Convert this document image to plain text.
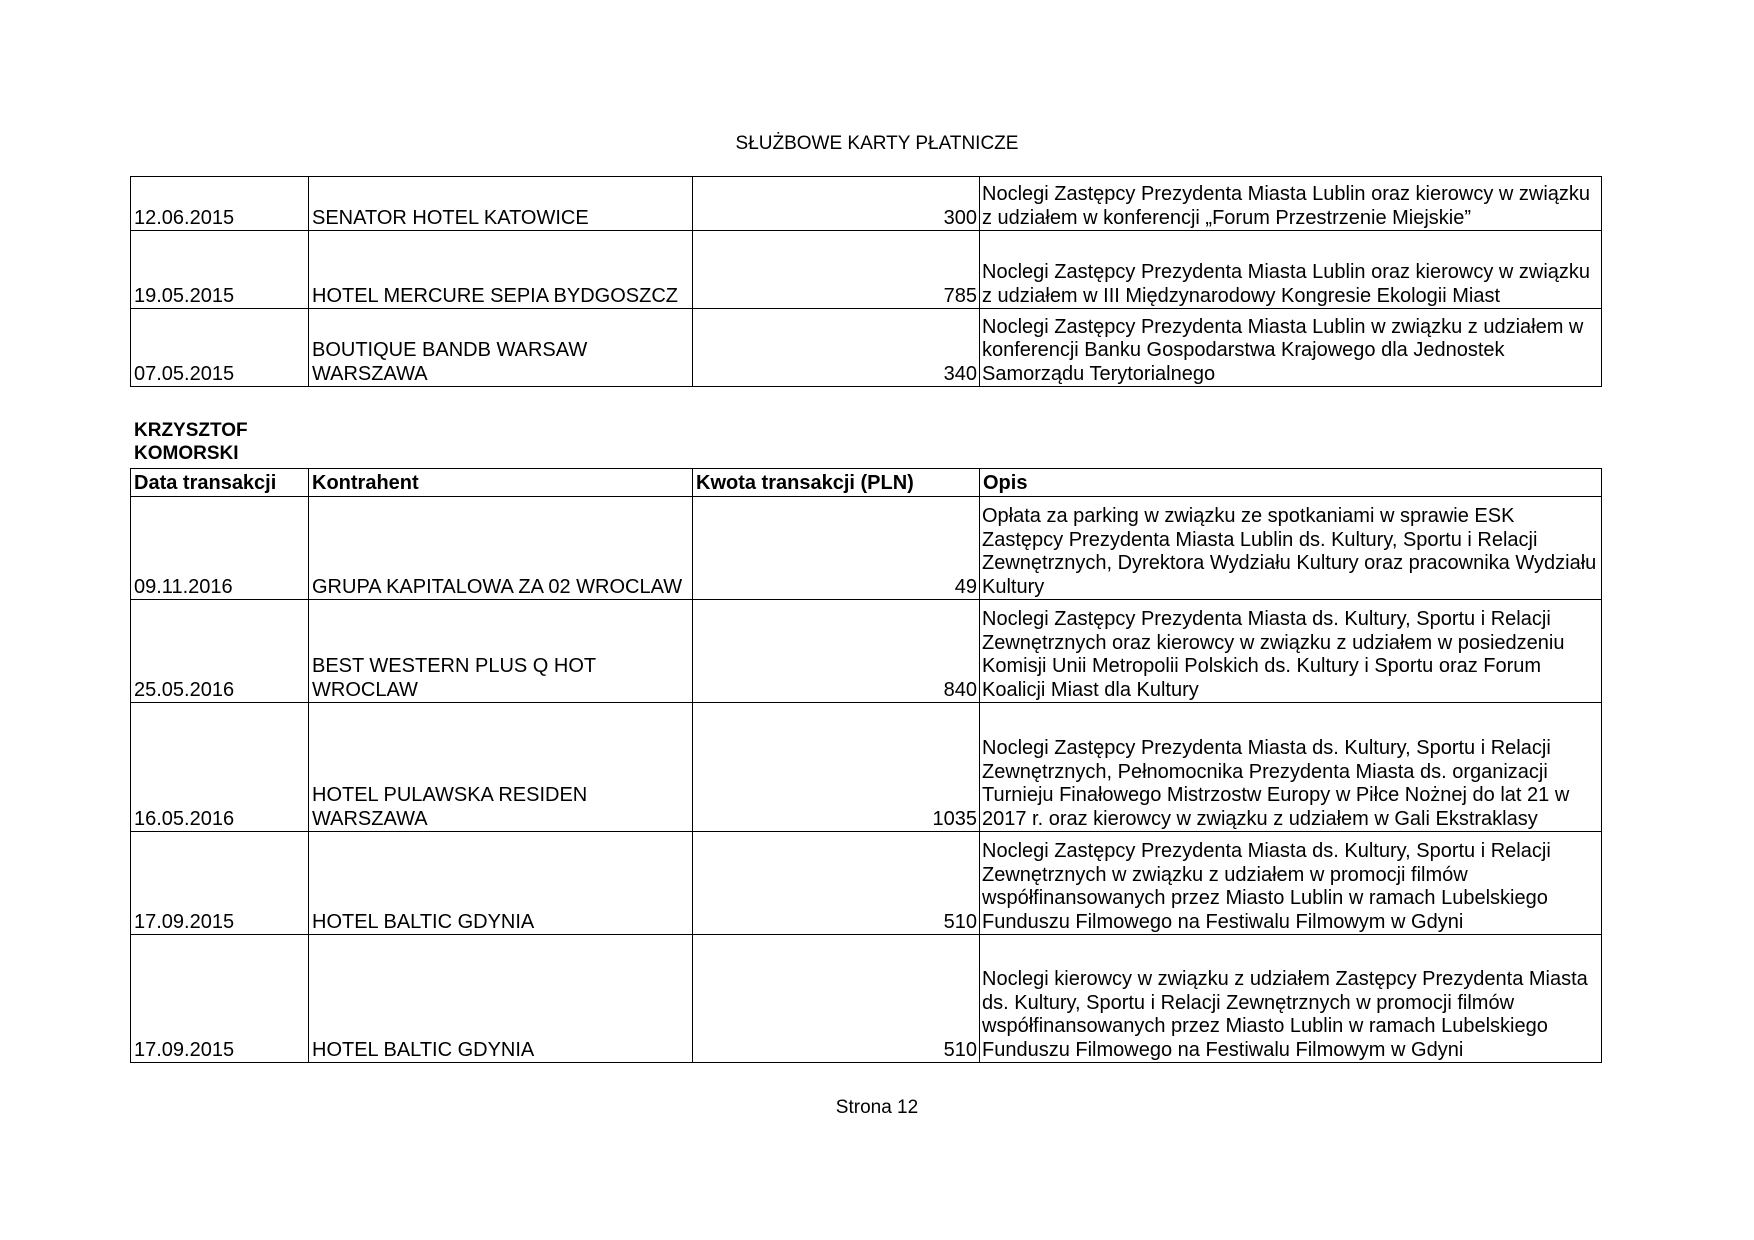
SŁUŻBOWE KARTY PŁATNICZE
12.06.2015	SENATOR HOTEL KATOWICE	300	Noclegi Zastępcy Prezydenta Miasta Lublin oraz kierowcy w związku z udziałem w konferencji „Forum Przestrzenie Miejskie”
19.05.2015	HOTEL MERCURE SEPIA BYDGOSZCZ	785	Noclegi Zastępcy Prezydenta Miasta Lublin oraz kierowcy w związku z udziałem w III Międzynarodowy Kongresie Ekologii Miast
07.05.2015	BOUTIQUE BANDB WARSAW WARSZAWA	340	Noclegi Zastępcy Prezydenta Miasta Lublin w związku z udziałem w konferencji Banku Gospodarstwa Krajowego dla Jednostek Samorządu Terytorialnego
KRZYSZTOF
KOMORSKI
Data transakcji	Kontrahent	Kwota transakcji (PLN)	Opis
09.11.2016	GRUPA KAPITALOWA ZA 02 WROCLAW	49	Opłata za parking w związku ze spotkaniami w sprawie ESK Zastępcy Prezydenta Miasta Lublin ds. Kultury, Sportu i Relacji Zewnętrznych, Dyrektora Wydziału Kultury oraz pracownika Wydziału Kultury
25.05.2016	BEST WESTERN PLUS Q HOT WROCLAW	840	Noclegi Zastępcy Prezydenta Miasta ds. Kultury, Sportu i Relacji Zewnętrznych oraz kierowcy w związku z udziałem w posiedzeniu Komisji Unii Metropolii Polskich ds. Kultury i Sportu oraz Forum Koalicji Miast dla Kultury
16.05.2016	HOTEL PULAWSKA RESIDEN WARSZAWA	1035	Noclegi Zastępcy Prezydenta Miasta ds. Kultury, Sportu i Relacji Zewnętrznych, Pełnomocnika Prezydenta Miasta ds. organizacji Turnieju Finałowego Mistrzostw Europy w Piłce Nożnej do lat 21 w 2017 r. oraz kierowcy w związku z udziałem w Gali Ekstraklasy
17.09.2015	HOTEL BALTIC GDYNIA	510	Noclegi Zastępcy Prezydenta Miasta ds. Kultury, Sportu i Relacji Zewnętrznych w związku z udziałem w promocji filmów współfinansowanych przez Miasto Lublin w ramach Lubelskiego Funduszu Filmowego na Festiwalu Filmowym w Gdyni
17.09.2015	HOTEL BALTIC GDYNIA	510	Noclegi kierowcy w związku z udziałem Zastępcy Prezydenta Miasta ds. Kultury, Sportu i Relacji Zewnętrznych w promocji filmów współfinansowanych przez Miasto Lublin w ramach Lubelskiego Funduszu Filmowego na Festiwalu Filmowym w Gdyni
Strona 12
